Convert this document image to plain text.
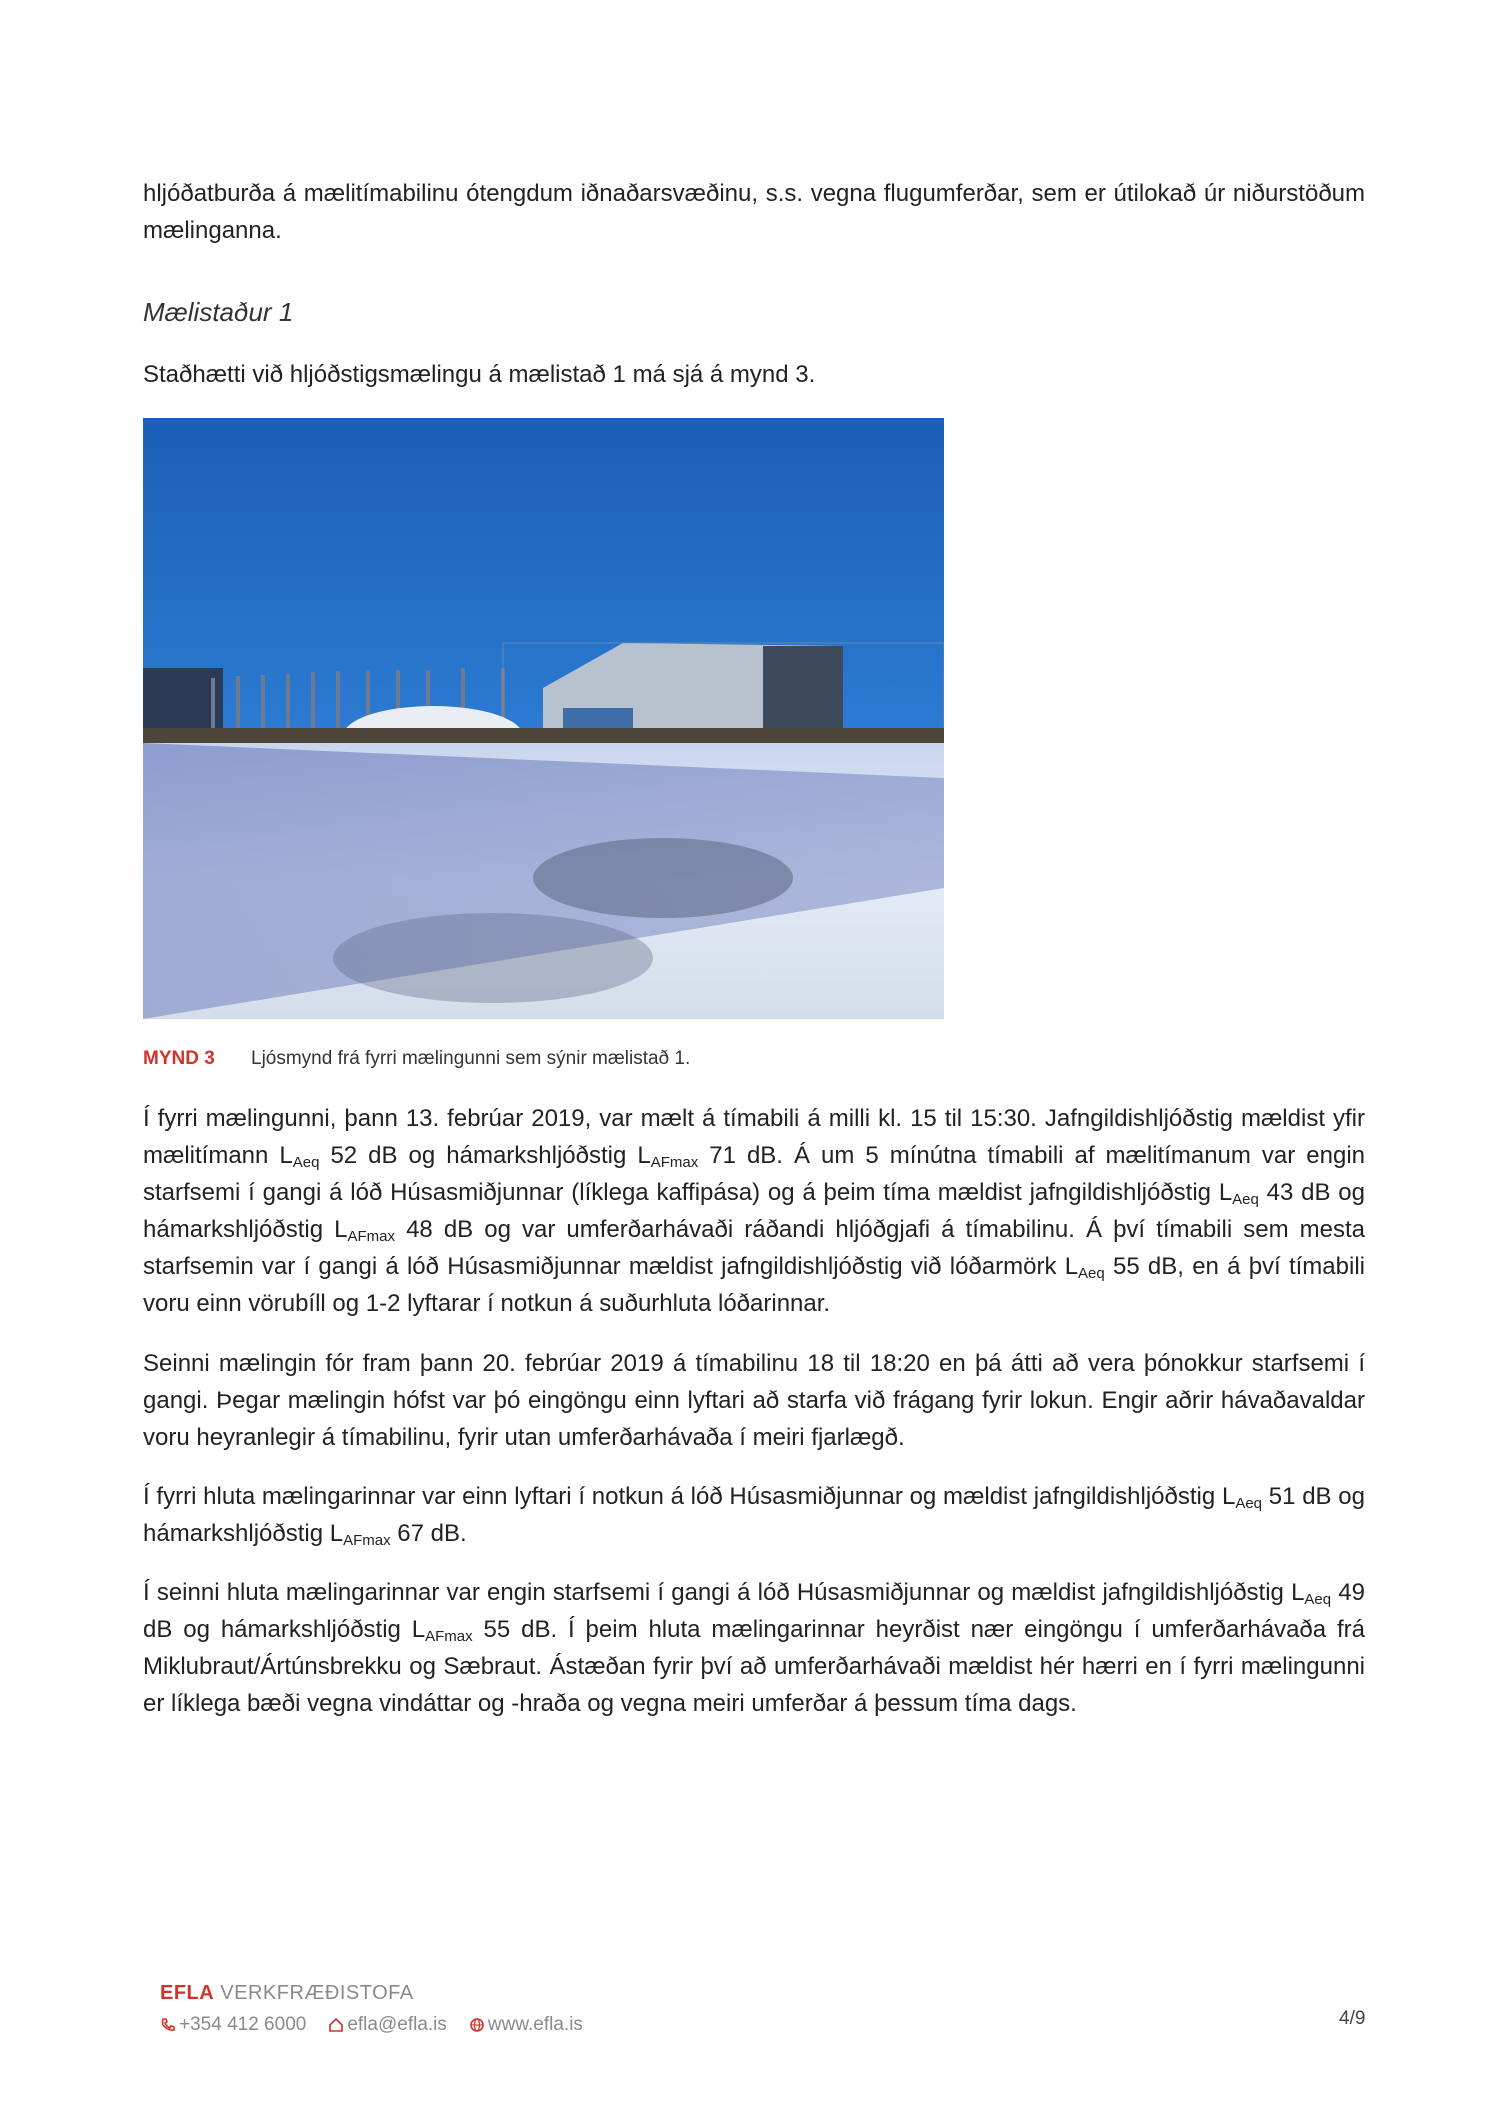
hljóðatburða á mælitímabilinu ótengdum iðnaðarsvæðinu, s.s. vegna flugumferðar, sem er útilokað úr niðurstöðum mælinganna.

Mælistaður 1

Staðhætti við hljóðstigsmælingu á mælistað 1 má sjá á mynd 3.

MYND 3 Ljósmynd frá fyrri mælingunni sem sýnir mælistað 1.

Í fyrri mælingunni, þann 13. febrúar 2019, var mælt á tímabili á milli kl. 15 til 15:30. Jafngildishljóðstig mældist yfir mælitímann $L_{Aeq}$ 52 dB og hámarkshljóðstig $L_{AFmax}$ 71 dB. Á um 5 mínútna tímabili af mælitímanum var engin starfsemi í gangi á lóð Húsasmiðjunnar (líklega kaffipása) og á þeim tíma mældist jafngildishljóðstig $L_{Aeq}$ 43 dB og hámarkshljóðstig $L_{AFmax}$ 48 dB og var umferðarhávaði ráðandi hljóðgjafi á tímabilinu. Á því tímabili sem mesta starfsemin var í gangi á lóð Húsasmiðjunnar mældist jafngildishljóðstig við lóðarmörk $L_{Aeq}$ 55 dB, en á því tímabili voru einn vörubíll og 1-2 lyftarar í notkun á suðurhluta lóðarinnar.

Seinni mælingin fór fram þann 20. febrúar 2019 á tímabilinu 18 til 18:20 en þá átti að vera þónokkur starfsemi í gangi. Þegar mælingin hófst var þó eingöngu einn lyftari að starfa við frágang fyrir lokun. Engir aðrir hávaðavaldar voru heyranlegir á tímabilinu, fyrir utan umferðarhávaða í meiri fjarlægð.

Í fyrri hluta mælingarinnar var einn lyftari í notkun á lóð Húsasmiðjunnar og mældist jafngildishljóðstig $L_{Aeq}$ 51 dB og hámarkshljóðstig $L_{AFmax}$ 67 dB.

Í seinni hluta mælingarinnar var engin starfsemi í gangi á lóð Húsasmiðjunnar og mældist jafngildishljóðstig $L_{Aeq}$ 49 dB og hámarkshljóðstig $L_{AFmax}$ 55 dB. Í þeim hluta mælingarinnar heyrðist nær eingöngu í umferðarhávaða frá Miklubraut/Ártúnsbrekku og Sæbraut. Ástæðan fyrir því að umferðarhávaði mældist hér hærri en í fyrri mælingunni er líklega bæði vegna vindáttar og -hraða og vegna meiri umferðar á þessum tíma dags.

EFLA VERKFRÆÐISTOFA
+354 412 6000 efla@efla.is www.efla.is	4/9
